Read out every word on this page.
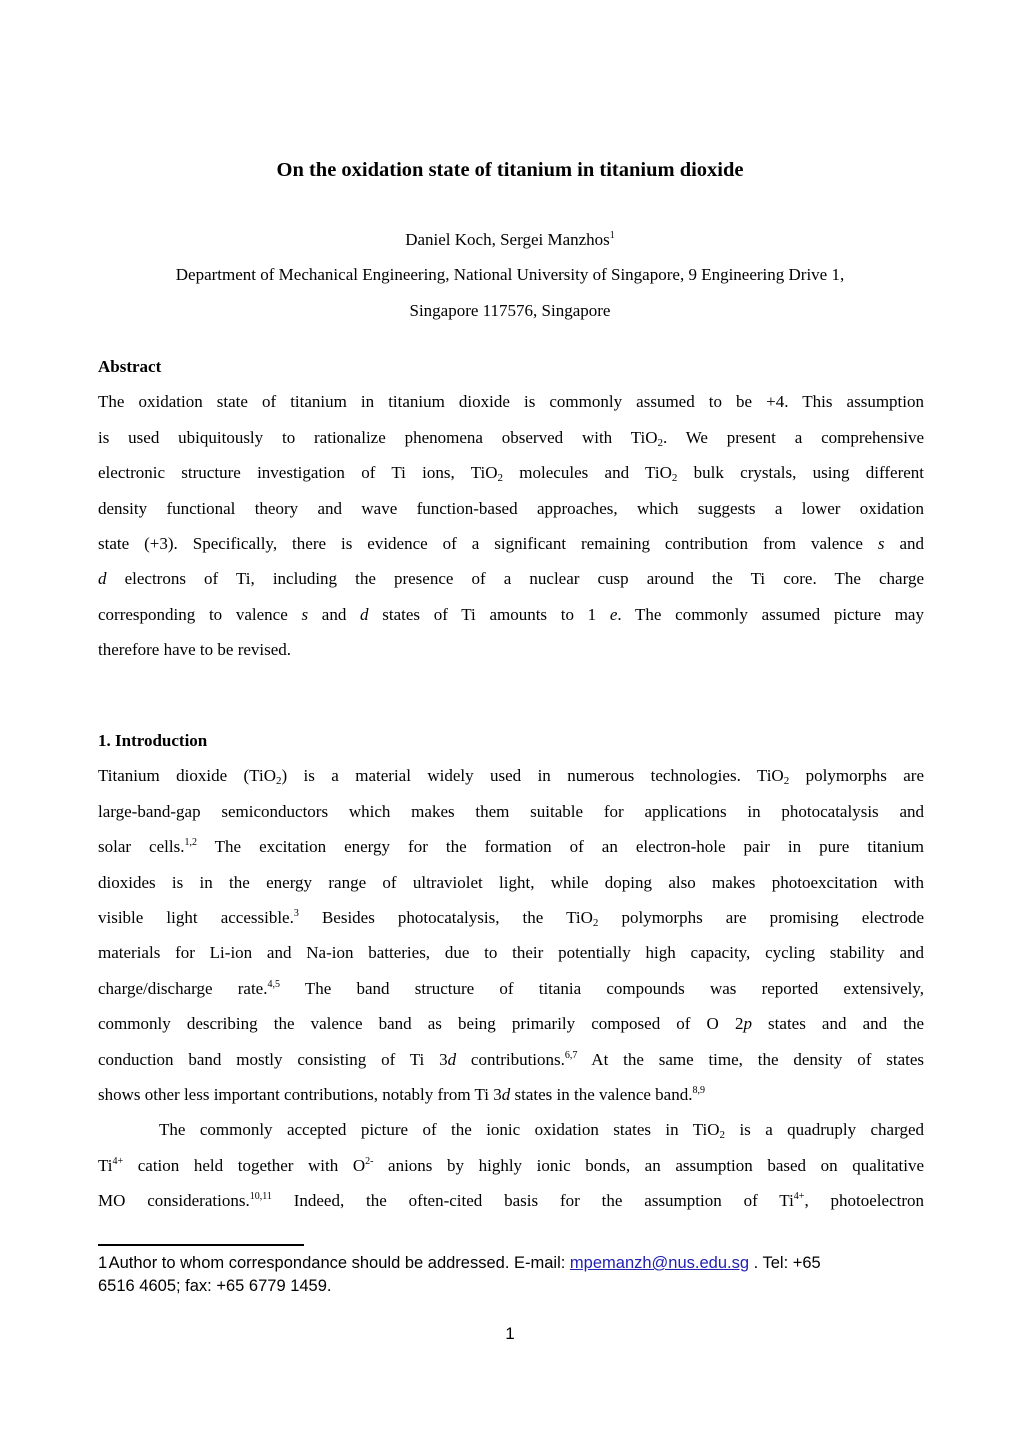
On the oxidation state of titanium in titanium dioxide
Daniel Koch, Sergei Manzhos$^1$
Department of Mechanical Engineering, National University of Singapore, 9 Engineering Drive 1,
Singapore 117576, Singapore
Abstract
The oxidation state of titanium in titanium dioxide is commonly assumed to be +4. This assumption
is used ubiquitously to rationalize phenomena observed with TiO$_2$. We present a comprehensive
electronic structure investigation of Ti ions, TiO$_2$ molecules and TiO$_2$ bulk crystals, using different
density functional theory and wave function-based approaches, which suggests a lower oxidation
state (+3). Specifically, there is evidence of a significant remaining contribution from valence s and
d electrons of Ti, including the presence of a nuclear cusp around the Ti core. The charge
corresponding to valence s and d states of Ti amounts to 1 e. The commonly assumed picture may
therefore have to be revised.
1. Introduction
Titanium dioxide (TiO$_2$) is a material widely used in numerous technologies. TiO$_2$ polymorphs are
large-band-gap semiconductors which makes them suitable for applications in photocatalysis and
solar cells.$^{1,2}$ The excitation energy for the formation of an electron-hole pair in pure titanium
dioxides is in the energy range of ultraviolet light, while doping also makes photoexcitation with
visible light accessible.$^3$ Besides photocatalysis, the TiO$_2$ polymorphs are promising electrode
materials for Li-ion and Na-ion batteries, due to their potentially high capacity, cycling stability and
charge/discharge rate.$^{4,5}$ The band structure of titania compounds was reported extensively,
commonly describing the valence band as being primarily composed of O 2p states and and the
conduction band mostly consisting of Ti 3d contributions.$^{6,7}$ At the same time, the density of states
shows other less important contributions, notably from Ti 3d states in the valence band.$^{8,9}$
The commonly accepted picture of the ionic oxidation states in TiO$_2$ is a quadruply charged
$Ti^{4+}$ cation held together with $O^{2-}$ anions by highly ionic bonds, an assumption based on qualitative
MO considerations.$^{10,11}$ Indeed, the often-cited basis for the assumption of $Ti^{4+}$, photoelectron
1 Author to whom correspondance should be addressed. E-mail: mpemanzh@nus.edu.sg . Tel: +65
6516 4605; fax: +65 6779 1459.
1
